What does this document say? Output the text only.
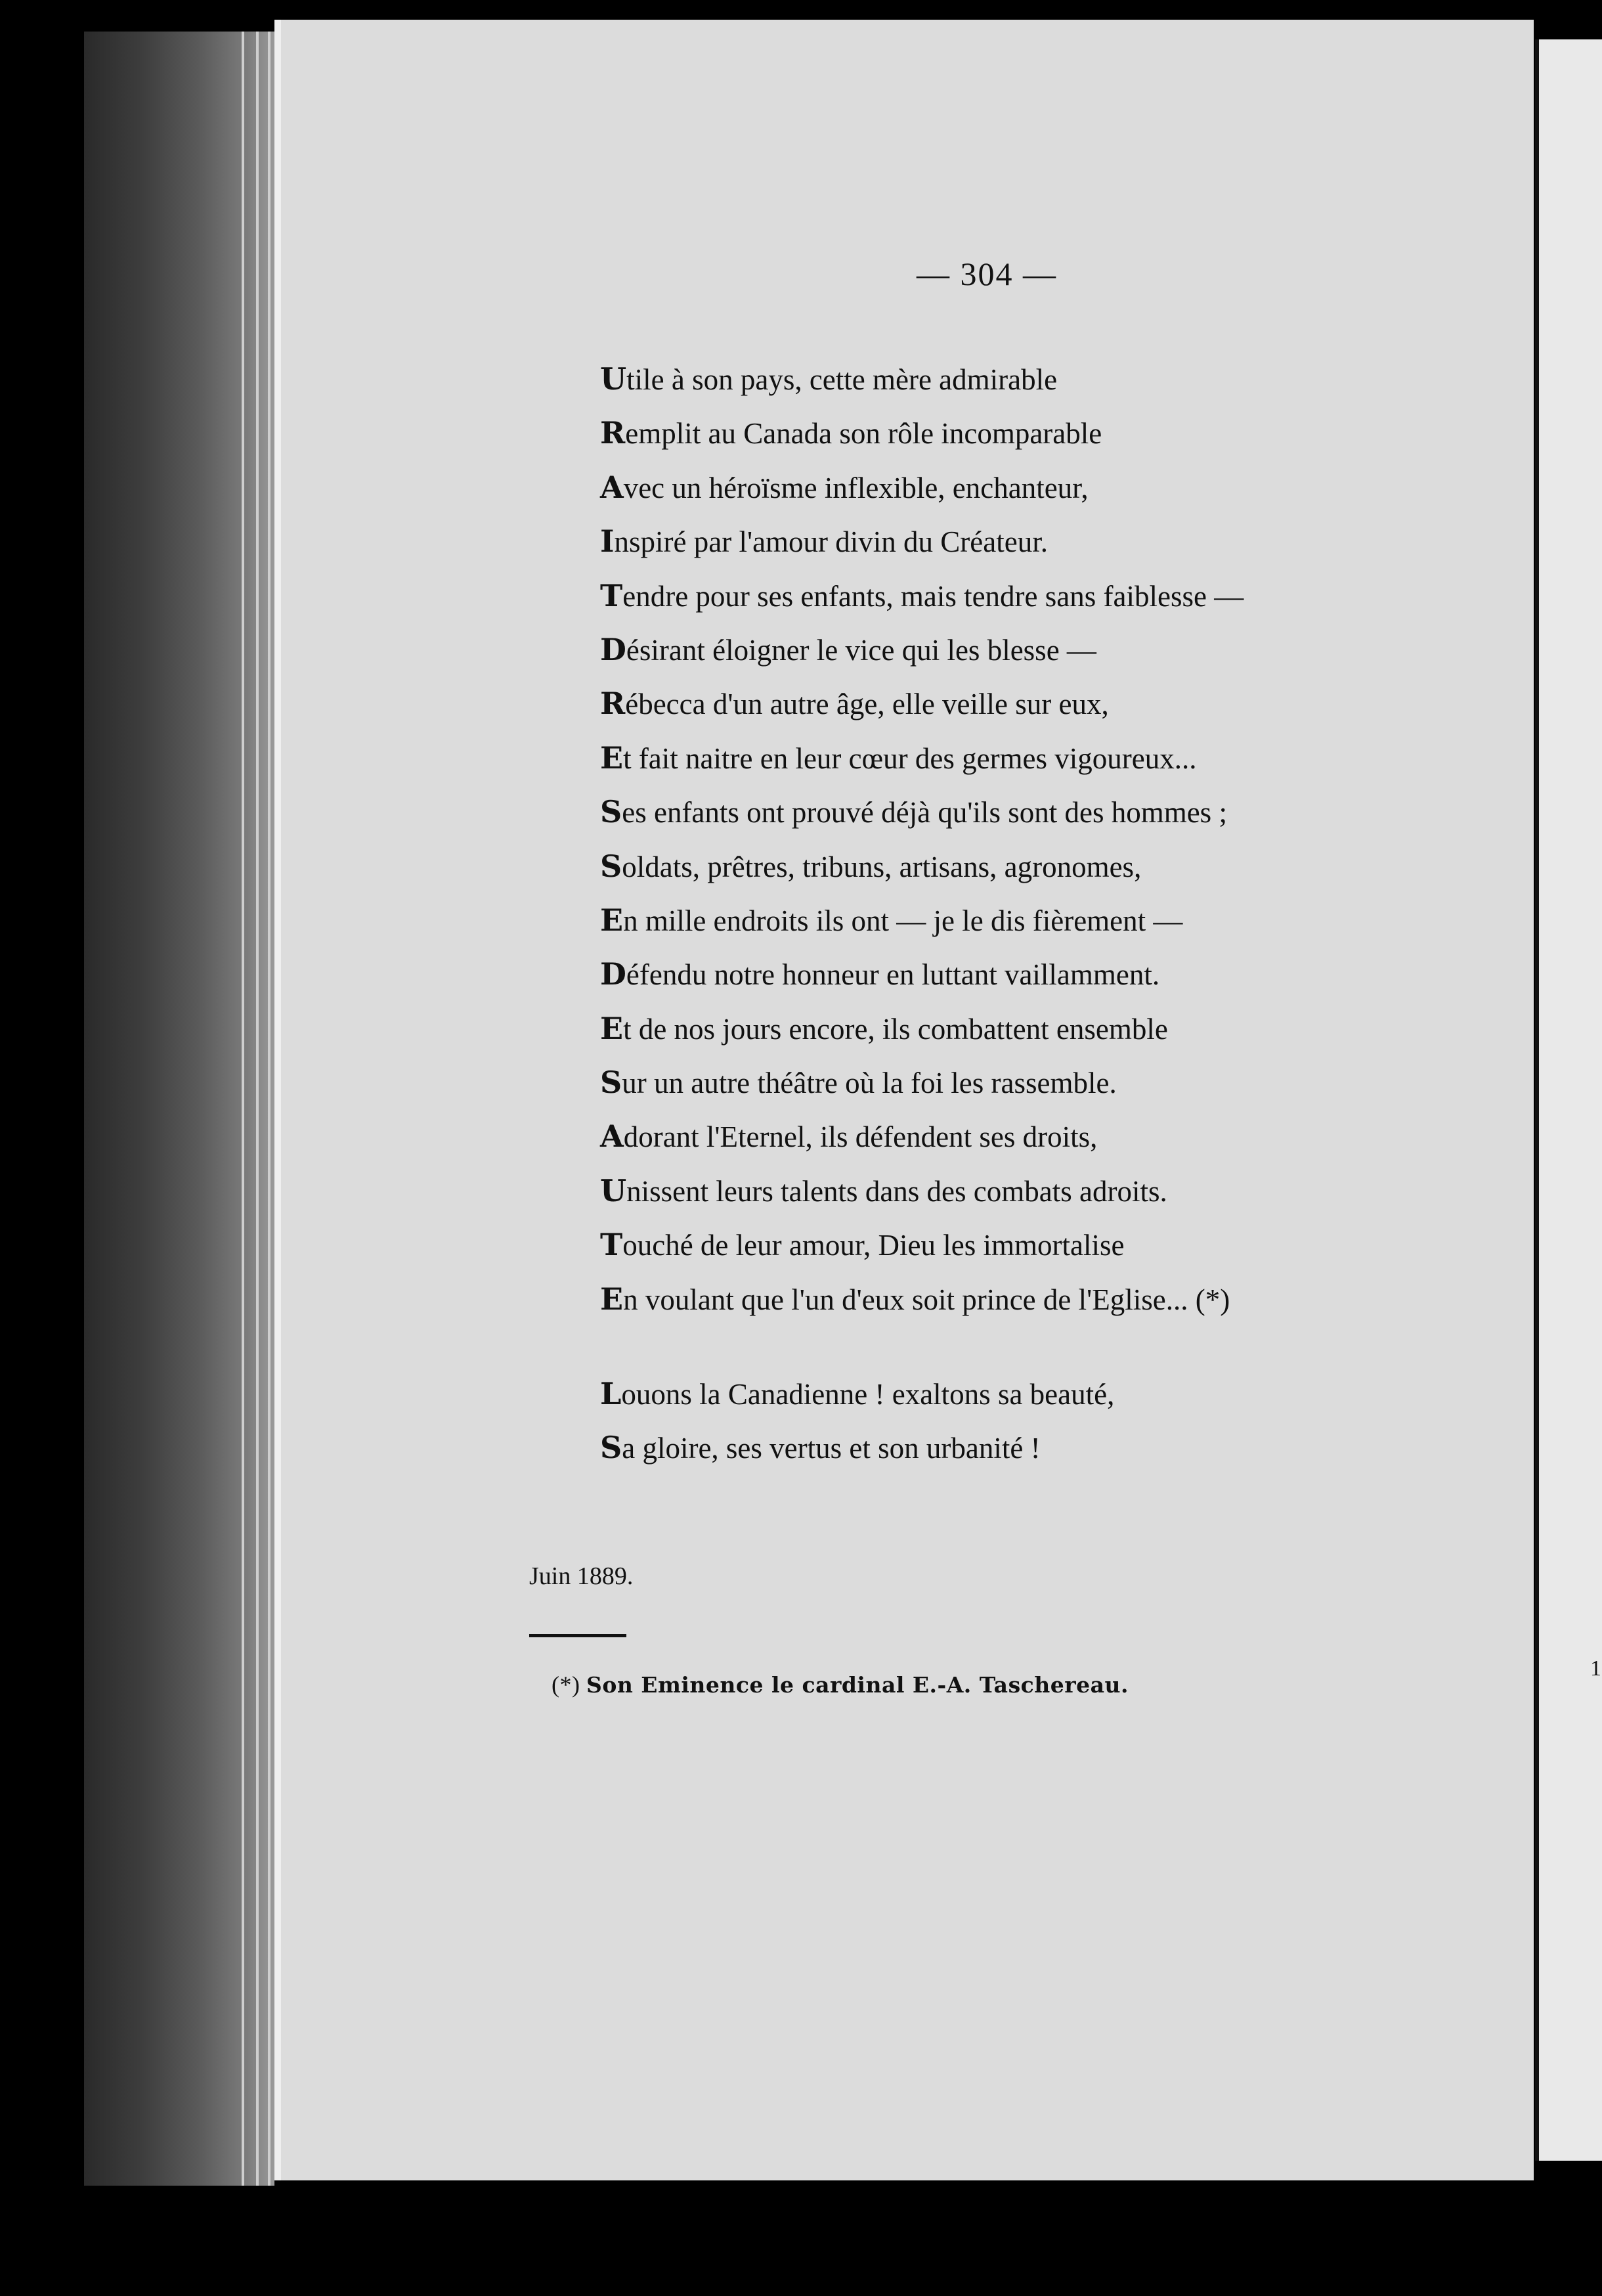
1
— 304 —
Utile à son pays, cette mère admirable
Remplit au Canada son rôle incomparable
Avec un héroïsme inflexible, enchanteur,
Inspiré par l'amour divin du Créateur.
Tendre pour ses enfants, mais tendre sans faiblesse —
Désirant éloigner le vice qui les blesse —
Rébecca d'un autre âge, elle veille sur eux,
Et fait naitre en leur cœur des germes vigoureux...
Ses enfants ont prouvé déjà qu'ils sont des hommes ;
Soldats, prêtres, tribuns, artisans, agronomes,
En mille endroits ils ont — je le dis fièrement —
Défendu notre honneur en luttant vaillamment.
Et de nos jours encore, ils combattent ensemble
Sur un autre théâtre où la foi les rassemble.
Adorant l'Eternel, ils défendent ses droits,
Unissent leurs talents dans des combats adroits.
Touché de leur amour, Dieu les immortalise
En voulant que l'un d'eux soit prince de l'Eglise... (*)
Louons la Canadienne ! exaltons sa beauté,
Sa gloire, ses vertus et son urbanité !
Juin 1889.
(*) Son Eminence le cardinal E.-A. Taschereau.
